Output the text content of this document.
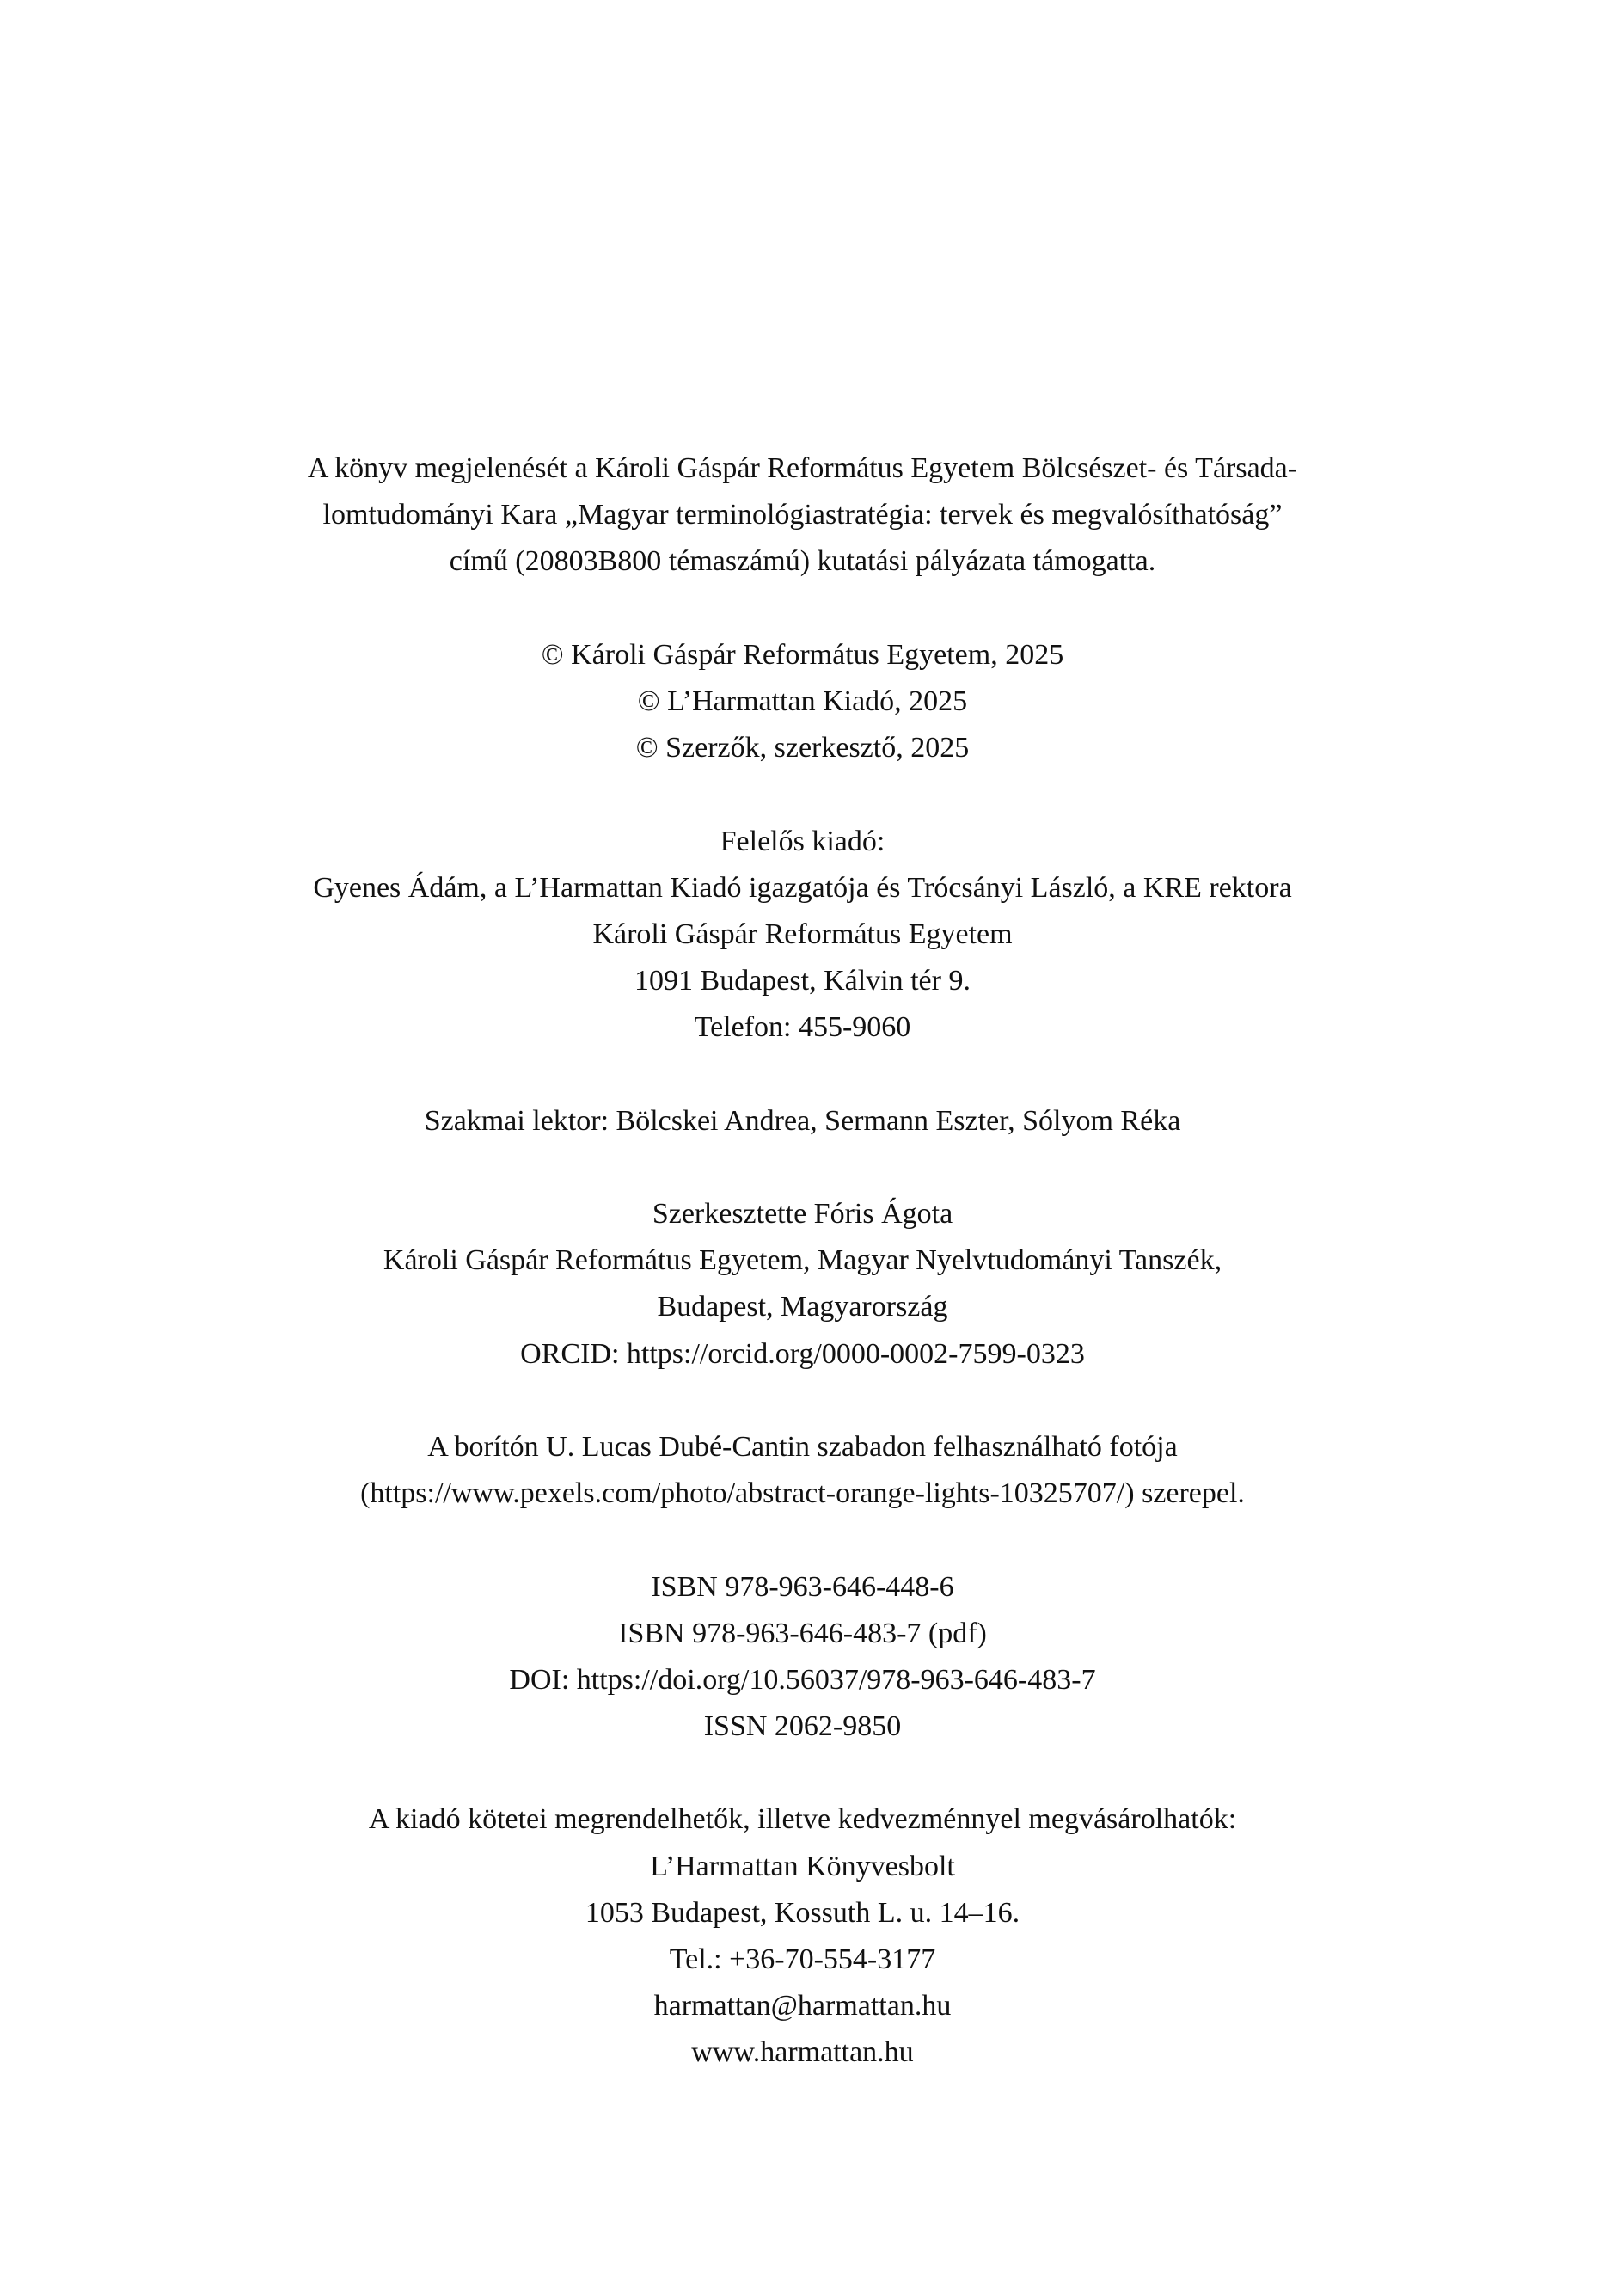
A könyv megjelenését a Károli Gáspár Református Egyetem Bölcsészet- és Társada-
lomtudományi Kara „Magyar terminológiastratégia: tervek és megvalósíthatóság”
című (20803B800 témaszámú) kutatási pályázata támogatta.
© Károli Gáspár Református Egyetem, 2025
© L’Harmattan Kiadó, 2025
© Szerzők, szerkesztő, 2025
Felelős kiadó:
Gyenes Ádám, a L’Harmattan Kiadó igazgatója és Trócsányi László, a KRE rektora
Károli Gáspár Református Egyetem
1091 Budapest, Kálvin tér 9.
Telefon: 455-9060
Szakmai lektor: Bölcskei Andrea, Sermann Eszter, Sólyom Réka
Szerkesztette Fóris Ágota
Károli Gáspár Református Egyetem, Magyar Nyelvtudományi Tanszék,
Budapest, Magyarország
ORCID: https://orcid.org/0000-0002-7599-0323
A borítón U. Lucas Dubé-Cantin szabadon felhasználható fotója
(https://www.pexels.com/photo/abstract-orange-lights-10325707/) szerepel.
ISBN 978-963-646-448-6
ISBN 978-963-646-483-7 (pdf)
DOI: https://doi.org/10.56037/978-963-646-483-7
ISSN 2062-9850
A kiadó kötetei megrendelhetők, illetve kedvezménnyel megvásárolhatók:
L’Harmattan Könyvesbolt
1053 Budapest, Kossuth L. u. 14–16.
Tel.: +36-70-554-3177
harmattan@harmattan.hu
www.harmattan.hu
